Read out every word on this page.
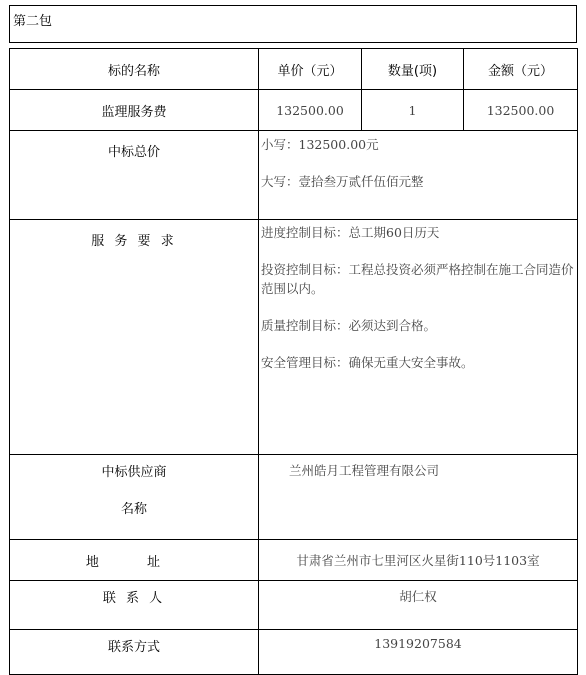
第二包
标的名称	单价（元）	数量(项)	金额（元）
监理服务费	132500.00	1	132500.00
中标总价	小写：132500.00元
大写：壹拾叁万贰仟伍佰元整		

服 务 要 求	进度控制目标：总工期60日历天
投资控制目标：工程总投资必须严格控制在施工合同造价范围以内。
质量控制目标：必须达到合格。
安全管理目标：确保无重大安全事故。		

中标供应商
名称	兰州皓月工程管理有限公司		
地 址	甘肃省兰州市七里河区火星街110号1103室		
联 系 人	胡仁权		
联系方式	13919207584		
